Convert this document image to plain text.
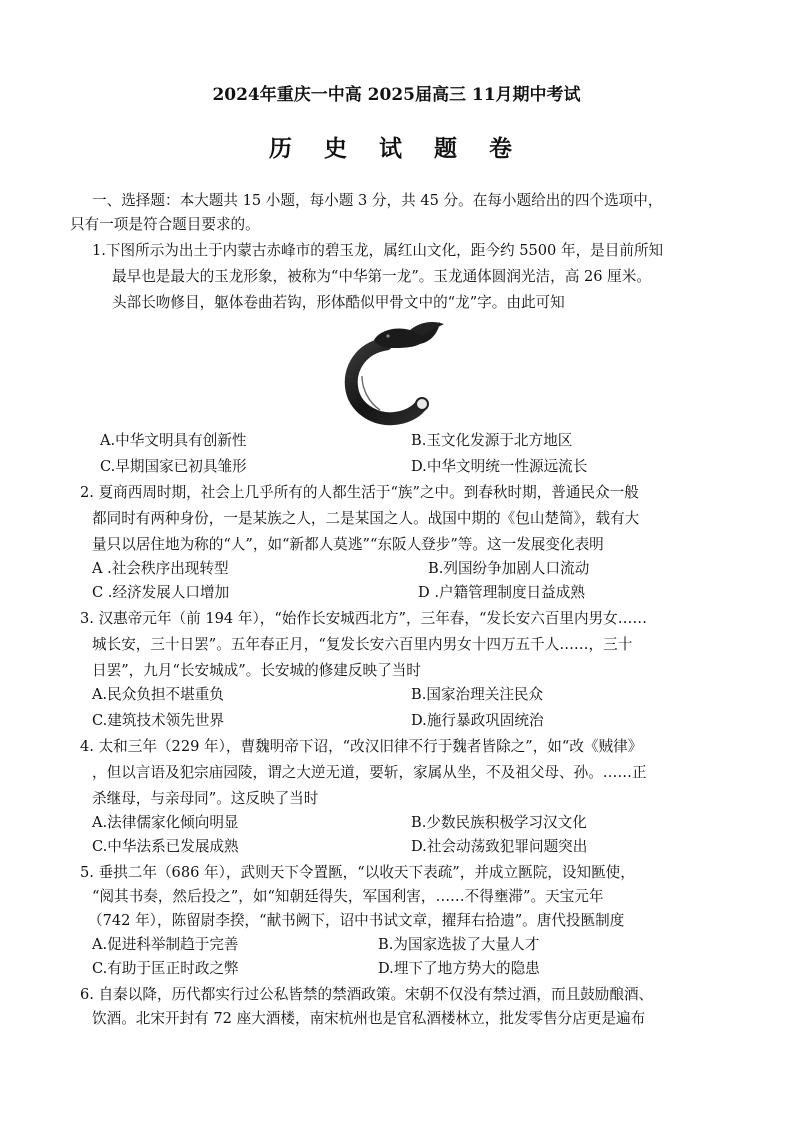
2024年重庆一中高 2025届高三 11月期中考试
历 史 试 题 卷
一、选择题：本大题共 15 小题，每小题 3 分，共 45 分。在每小题给出的四个选项中，
只有一项是符合题目要求的。
1.下图所示为出土于内蒙古赤峰市的碧玉龙，属红山文化，距今约 5500 年，是目前所知
最早也是最大的玉龙形象，被称为“中华第一龙”。玉龙通体圆润光洁，高 26 厘米。
头部长吻修目，躯体卷曲若钩，形体酷似甲骨文中的“龙”字。由此可知
A.中华文明具有创新性	B.玉文化发源于北方地区
C.早期国家已初具雏形	D.中华文明统一性源远流长
2. 夏商西周时期，社会上几乎所有的人都生活于“族”之中。到春秋时期，普通民众一般
都同时有两种身份，一是某族之人，二是某国之人。战国中期的《包山楚简》，载有大
量只以居住地为称的“人”，如“新都人莫逃”“东阪人登步”等。这一发展变化表明
A .社会秩序出现转型	B.列国纷争加剧人口流动
C .经济发展人口增加	D .户籍管理制度日益成熟
3. 汉惠帝元年（前 194 年），“始作长安城西北方”，三年春，“发长安六百里内男女……
城长安，三十日罢”。五年春正月，“复发长安六百里内男女十四万五千人……，三十
日罢”，九月“长安城成”。长安城的修建反映了当时
A.民众负担不堪重负	B.国家治理关注民众
C.建筑技术领先世界	D.施行暴政巩固统治
4. 太和三年（229 年），曹魏明帝下诏，“改汉旧律不行于魏者皆除之”，如“改《贼律》
，但以言语及犯宗庙园陵，谓之大逆无道，要斩，家属从坐，不及祖父母、孙。……正
杀继母，与亲母同”。这反映了当时
A.法律儒家化倾向明显	B.少数民族积极学习汉文化
C.中华法系已发展成熟	D.社会动荡致犯罪问题突出
5. 垂拱二年（686 年），武则天下令置匦，“以收天下表疏”，并成立匦院，设知匦使，
“阅其书奏，然后投之”，如“知朝廷得失，军国利害，……不得壅滞”。天宝元年
（742 年），陈留尉李揆，“献书阙下，诏中书试文章，擢拜右拾遗”。唐代投匦制度
A.促进科举制趋于完善	B.为国家选拔了大量人才
C.有助于匡正时政之弊	D.埋下了地方势大的隐患
6. 自秦以降，历代都实行过公私皆禁的禁酒政策。宋朝不仅没有禁过酒，而且鼓励酿酒、
饮酒。北宋开封有 72 座大酒楼，南宋杭州也是官私酒楼林立，批发零售分店更是遍布
